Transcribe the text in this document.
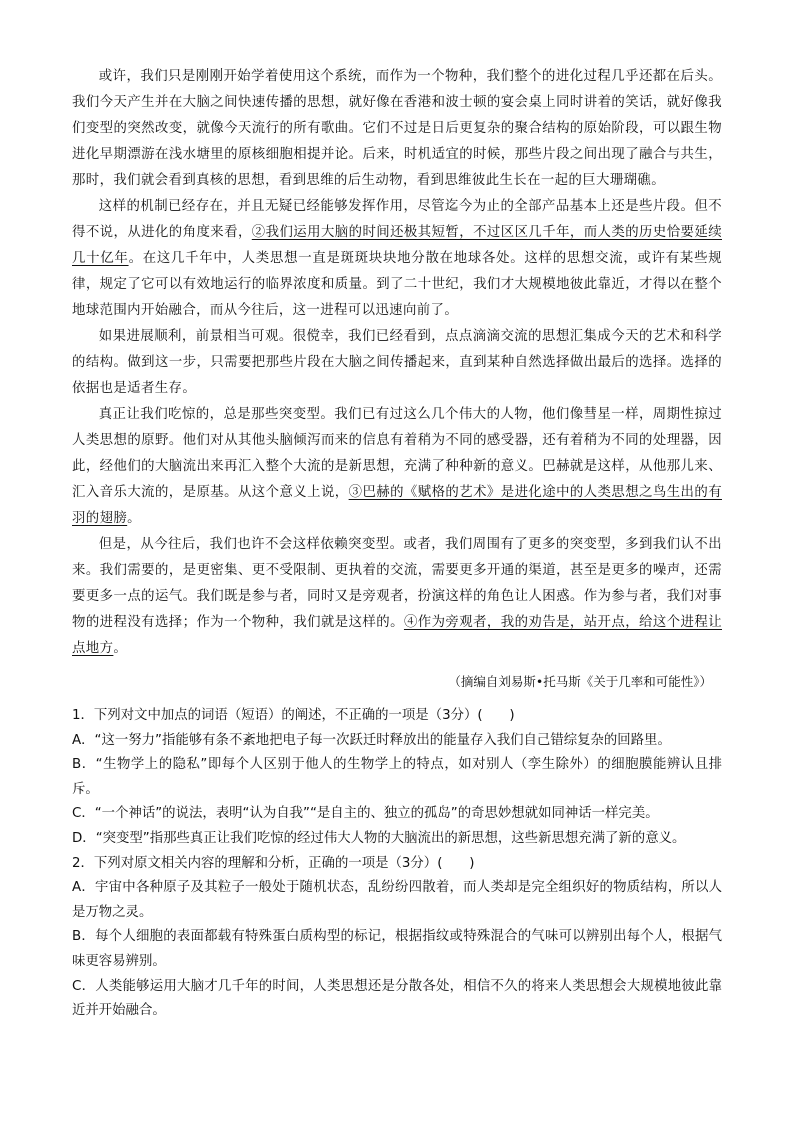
或许，我们只是刚刚开始学着使用这个系统，而作为一个物种，我们整个的进化过程几乎还都在后头。我们今天产生并在大脑之间快速传播的思想，就好像在香港和波士顿的宴会桌上同时讲着的笑话，就好像我们变型的突然改变，就像今天流行的所有歌曲。它们不过是日后更复杂的聚合结构的原始阶段，可以跟生物进化早期漂游在浅水塘里的原核细胞相提并论。后来，时机适宜的时候，那些片段之间出现了融合与共生，那时，我们就会看到真核的思想，看到思维的后生动物，看到思维彼此生长在一起的巨大珊瑚礁。

这样的机制已经存在，并且无疑已经能够发挥作用，尽管迄今为止的全部产品基本上还是些片段。但不得不说，从进化的角度来看，②我们运用大脑的时间还极其短暂，不过区区几千年，而人类的历史恰要延续几十亿年。在这几千年中，人类思想一直是斑斑块块地分散在地球各处。这样的思想交流，或许有某些规律，规定了它可以有效地运行的临界浓度和质量。到了二十世纪，我们才大规模地彼此靠近，才得以在整个地球范围内开始融合，而从今往后，这一进程可以迅速向前了。

如果进展顺利，前景相当可观。很傥幸，我们已经看到，点点滴滴交流的思想汇集成今天的艺术和科学的结构。做到这一步，只需要把那些片段在大脑之间传播起来，直到某种自然选择做出最后的选择。选择的依据也是适者生存。

真正让我们吃惊的，总是那些突变型。我们已有过这么几个伟大的人物，他们像彗星一样，周期性掠过人类思想的原野。他们对从其他头脑倾泻而来的信息有着稍为不同的感受器，还有着稍为不同的处理器，因此，经他们的大脑流出来再汇入整个大流的是新思想，充满了种种新的意义。巴赫就是这样，从他那儿来、汇入音乐大流的，是原基。从这个意义上说，③巴赫的《赋格的艺术》是进化途中的人类思想之鸟生出的有羽的翅膀。

但是，从今往后，我们也许不会这样依赖突变型。或者，我们周围有了更多的突变型，多到我们认不出来。我们需要的，是更密集、更不受限制、更执着的交流，需要更多开通的渠道，甚至是更多的噪声，还需要更多一点的运气。我们既是参与者，同时又是旁观者，扮演这样的角色让人困惑。作为参与者，我们对事物的进程没有选择；作为一个物种，我们就是这样的。④作为旁观者，我的劝告是，站开点，给这个进程让点地方。

（摘编自刘易斯•托马斯《关于几率和可能性》）

1．下列对文中加点的词语（短语）的阐述，不正确的一项是（3分）(　　)

A．“这一努力”指能够有条不紊地把电子每一次跃迁时释放出的能量存入我们自己错综复杂的回路里。

B．“生物学上的隐私”即每个人区别于他人的生物学上的特点，如对别人（孪生除外）的细胞膜能辨认且排斥。

C．“一个神话”的说法，表明“认为自我”“是自主的、独立的孤岛”的奇思妙想就如同神话一样完美。

D．“突变型”指那些真正让我们吃惊的经过伟大人物的大脑流出的新思想，这些新思想充满了新的意义。

2．下列对原文相关内容的理解和分析，正确的一项是（3分）(　　)

A．宇宙中各种原子及其粒子一般处于随机状态，乱纷纷四散着，而人类却是完全组织好的物质结构，所以人是万物之灵。

B．每个人细胞的表面都载有特殊蛋白质构型的标记，根据指纹或特殊混合的气味可以辨别出每个人，根据气味更容易辨别。

C．人类能够运用大脑才几千年的时间，人类思想还是分散各处，相信不久的将来人类思想会大规模地彼此靠近并开始融合。
